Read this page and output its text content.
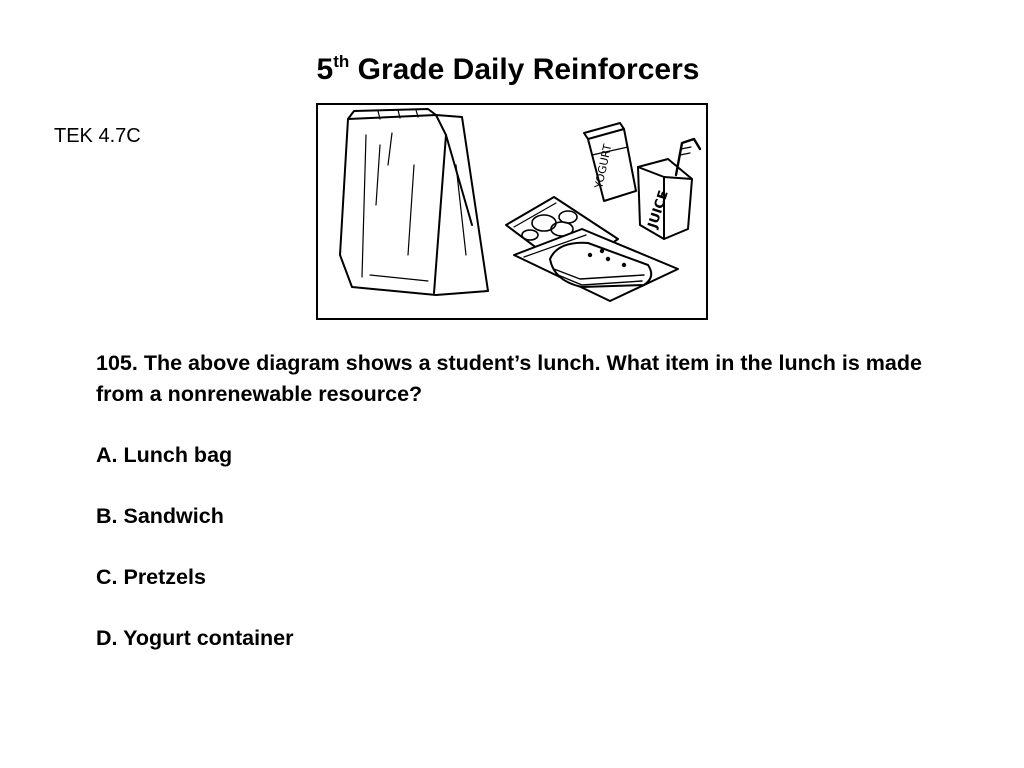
5th Grade Daily Reinforcers
TEK 4.7C
YOGURT
JUICE
105. The above diagram shows a student’s lunch. What item in the lunch is made from a nonrenewable resource?
A. Lunch bag
B. Sandwich
C. Pretzels
D. Yogurt container
